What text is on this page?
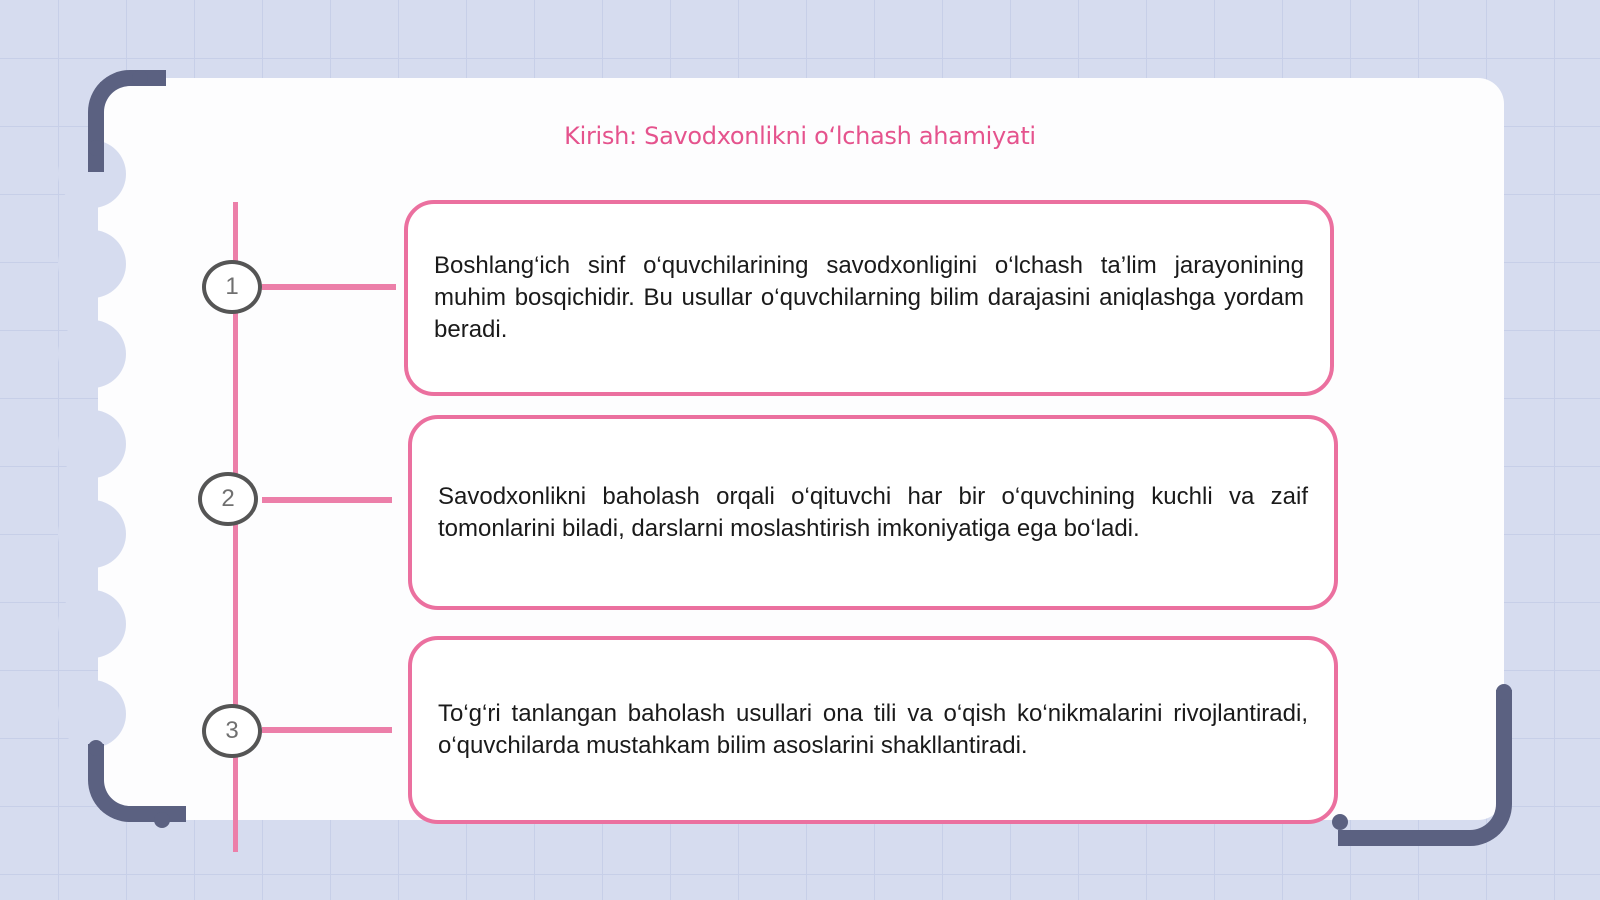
Kirish: Savodxonlikni o‘lchash ahamiyati
1
2
3
Boshlang‘ich sinf o‘quvchilarining savodxonligini o‘lchash ta’lim jarayonining muhim bosqichidir. Bu usullar o‘quvchilarning bilim darajasini aniqlashga yordam beradi.
Savodxonlikni baholash orqali o‘qituvchi har bir o‘quvchining kuchli va zaif tomonlarini biladi, darslarni moslashtirish imkoniyatiga ega bo‘ladi.
To‘g‘ri tanlangan baholash usullari ona tili va o‘qish ko‘nikmalarini rivojlantiradi, o‘quvchilarda mustahkam bilim asoslarini shakllantiradi.
